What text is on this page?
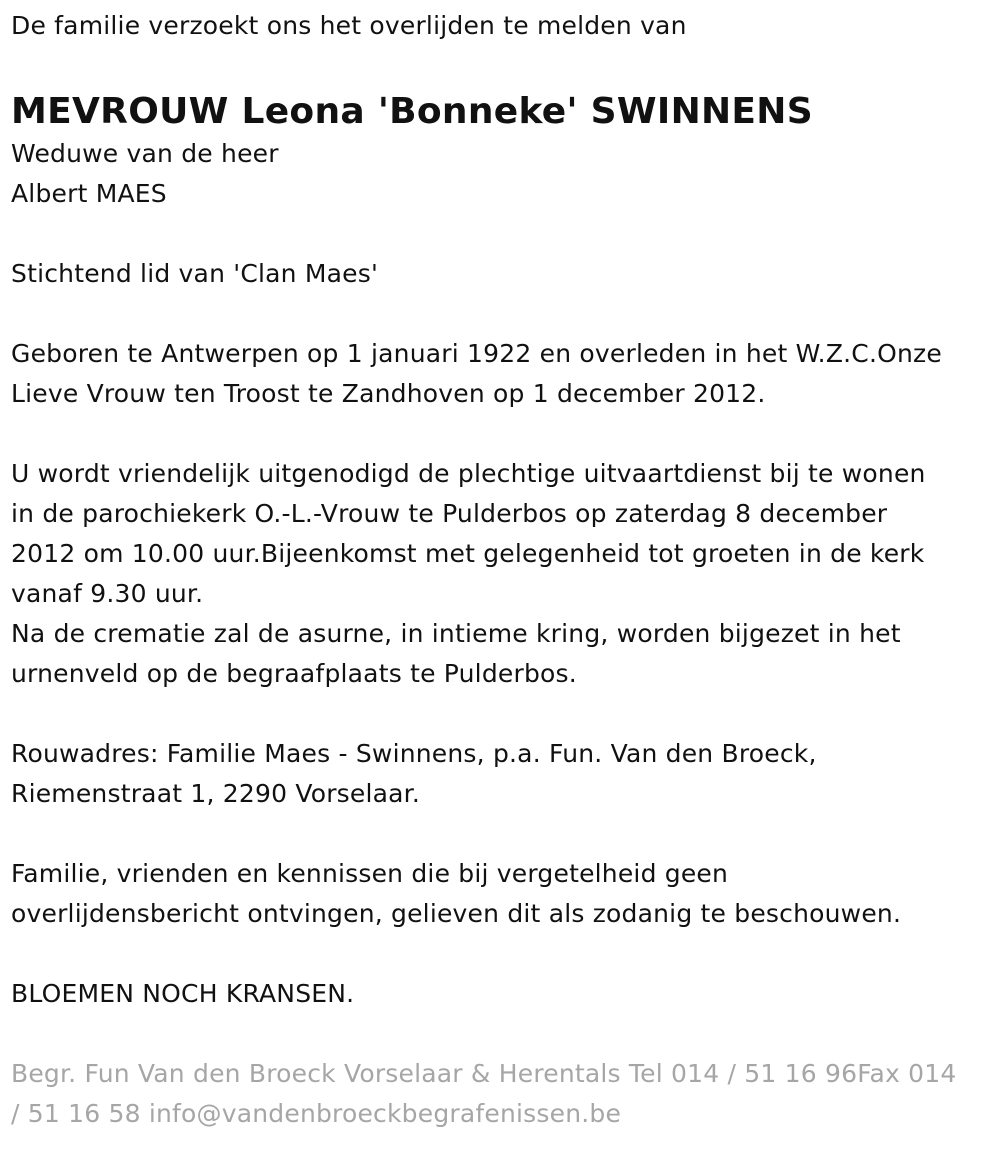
De familie verzoekt ons het overlijden te melden van

MEVROUW Leona 'Bonneke' SWINNENS

Weduwe van de heer

Albert MAES

Stichtend lid van 'Clan Maes'

Geboren te Antwerpen op 1 januari 1922 en overleden in het W.Z.C.Onze

Lieve Vrouw ten Troost te Zandhoven op 1 december 2012.

U wordt vriendelijk uitgenodigd de plechtige uitvaartdienst bij te wonen

in de parochiekerk O.-L.-Vrouw te Pulderbos op zaterdag 8 december

2012 om 10.00 uur.Bijeenkomst met gelegenheid tot groeten in de kerk

vanaf 9.30 uur.

Na de crematie zal de asurne, in intieme kring, worden bijgezet in het

urnenveld op de begraafplaats te Pulderbos.

Rouwadres: Familie Maes - Swinnens, p.a. Fun. Van den Broeck,

Riemenstraat 1, 2290 Vorselaar.

Familie, vrienden en kennissen die bij vergetelheid geen

overlijdensbericht ontvingen, gelieven dit als zodanig te beschouwen.

BLOEMEN NOCH KRANSEN.

Begr. Fun Van den Broeck Vorselaar & Herentals Tel 014 / 51 16 96Fax 014

/ 51 16 58 info@vandenbroeckbegrafenissen.be
